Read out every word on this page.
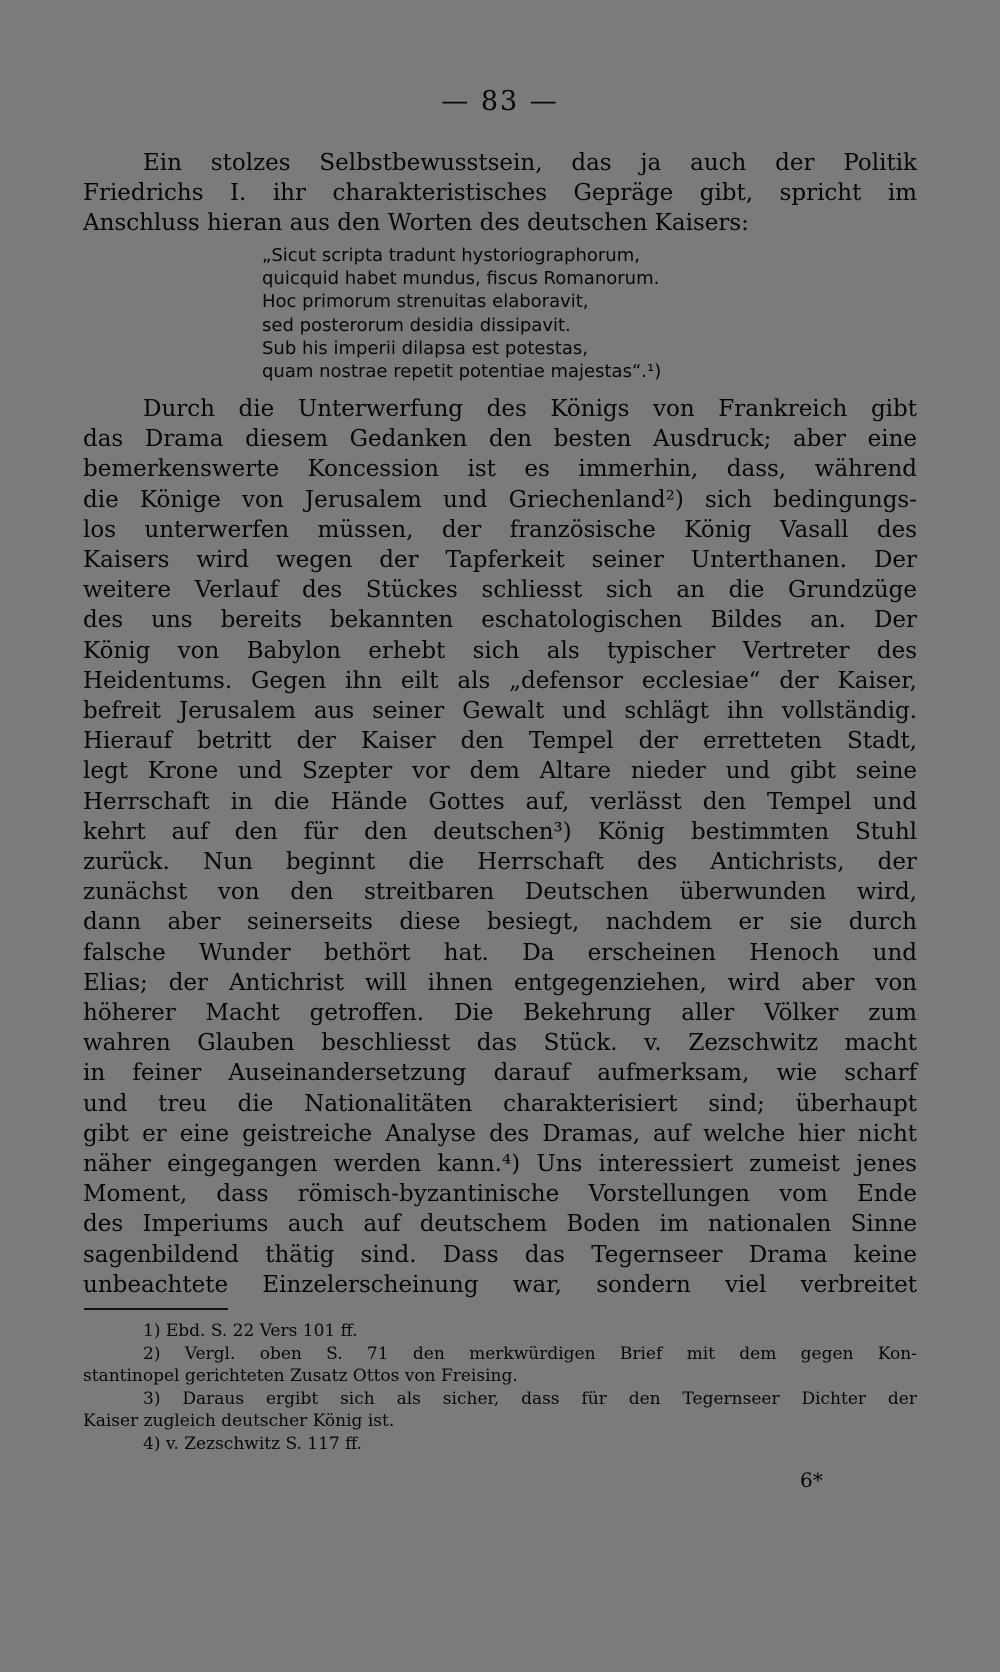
— 83 —
Ein stolzes Selbstbewusstsein, das ja auch der Politik
Friedrichs I. ihr charakteristisches Gepräge gibt, spricht im
Anschluss hieran aus den Worten des deutschen Kaisers:
„Sicut scripta tradunt hystoriographorum,
quicquid habet mundus, fiscus Romanorum.
Hoc primorum strenuitas elaboravit,
sed posterorum desidia dissipavit.
Sub his imperii dilapsa est potestas,
quam nostrae repetit potentiae majestas“.¹)
Durch die Unterwerfung des Königs von Frankreich gibt
das Drama diesem Gedanken den besten Ausdruck; aber eine
bemerkenswerte Koncession ist es immerhin, dass, während
die Könige von Jerusalem und Griechenland²) sich bedingungs-
los unterwerfen müssen, der französische König Vasall des
Kaisers wird wegen der Tapferkeit seiner Unterthanen. Der
weitere Verlauf des Stückes schliesst sich an die Grundzüge
des uns bereits bekannten eschatologischen Bildes an. Der
König von Babylon erhebt sich als typischer Vertreter des
Heidentums. Gegen ihn eilt als „defensor ecclesiae“ der Kaiser,
befreit Jerusalem aus seiner Gewalt und schlägt ihn vollständig.
Hierauf betritt der Kaiser den Tempel der erretteten Stadt,
legt Krone und Szepter vor dem Altare nieder und gibt seine
Herrschaft in die Hände Gottes auf, verlässt den Tempel und
kehrt auf den für den deutschen³) König bestimmten Stuhl
zurück. Nun beginnt die Herrschaft des Antichrists, der
zunächst von den streitbaren Deutschen überwunden wird,
dann aber seinerseits diese besiegt, nachdem er sie durch
falsche Wunder bethört hat. Da erscheinen Henoch und
Elias; der Antichrist will ihnen entgegenziehen, wird aber von
höherer Macht getroffen. Die Bekehrung aller Völker zum
wahren Glauben beschliesst das Stück. v. Zezschwitz macht
in feiner Auseinandersetzung darauf aufmerksam, wie scharf
und treu die Nationalitäten charakterisiert sind; überhaupt
gibt er eine geistreiche Analyse des Dramas, auf welche hier nicht
näher eingegangen werden kann.⁴) Uns interessiert zumeist jenes
Moment, dass römisch-byzantinische Vorstellungen vom Ende
des Imperiums auch auf deutschem Boden im nationalen Sinne
sagenbildend thätig sind. Dass das Tegernseer Drama keine
unbeachtete Einzelerscheinung war, sondern viel verbreitet
1) Ebd. S. 22 Vers 101 ff.
2) Vergl. oben S. 71 den merkwürdigen Brief mit dem gegen Kon-
stantinopel gerichteten Zusatz Ottos von Freising.
3) Daraus ergibt sich als sicher, dass für den Tegernseer Dichter der
Kaiser zugleich deutscher König ist.
4) v. Zezschwitz S. 117 ff.
6*
